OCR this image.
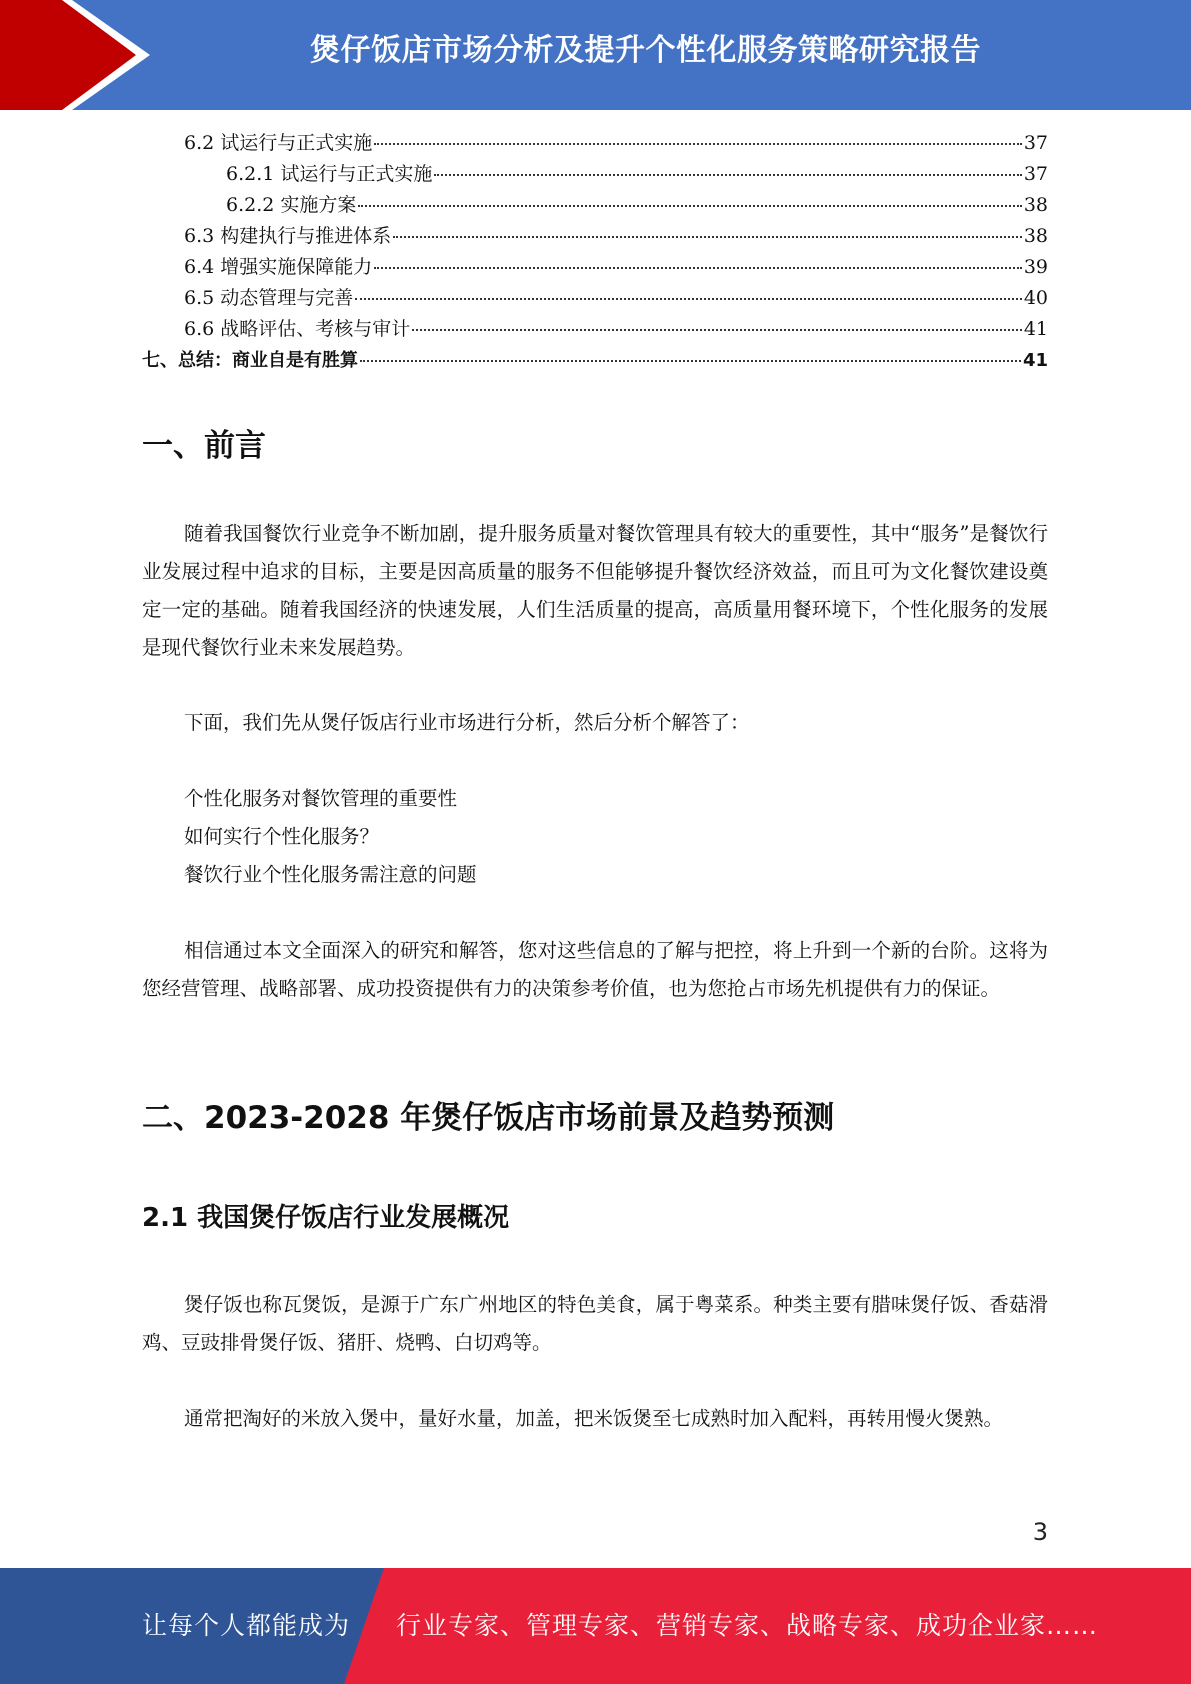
煲仔饭店市场分析及提升个性化服务策略研究报告
6.2 试运行与正式实施	37
6.2.1 试运行与正式实施	37
6.2.2 实施方案	38
6.3 构建执行与推进体系	38
6.4 增强实施保障能力	39
6.5 动态管理与完善	40
6.6 战略评估、考核与审计	41
七、总结：商业自是有胜算	41
一、前言
随着我国餐饮行业竞争不断加剧，提升服务质量对餐饮管理具有较大的重要性，其中“服务”是餐饮行业发展过程中追求的目标，主要是因高质量的服务不但能够提升餐饮经济效益，而且可为文化餐饮建设奠定一定的基础。随着我国经济的快速发展，人们生活质量的提高，高质量用餐环境下，个性化服务的发展是现代餐饮行业未来发展趋势。
下面，我们先从煲仔饭店行业市场进行分析，然后分析个解答了：
个性化服务对餐饮管理的重要性
如何实行个性化服务？
餐饮行业个性化服务需注意的问题
相信通过本文全面深入的研究和解答，您对这些信息的了解与把控，将上升到一个新的台阶。这将为您经营管理、战略部署、成功投资提供有力的决策参考价值，也为您抢占市场先机提供有力的保证。
二、2023-2028 年煲仔饭店市场前景及趋势预测
2.1 我国煲仔饭店行业发展概况
煲仔饭也称瓦煲饭，是源于广东广州地区的特色美食，属于粤菜系。种类主要有腊味煲仔饭、香菇滑鸡、豆豉排骨煲仔饭、猪肝、烧鸭、白切鸡等。
通常把淘好的米放入煲中，量好水量，加盖，把米饭煲至七成熟时加入配料，再转用慢火煲熟。
3
让每个人都能成为 行业专家、管理专家、营销专家、战略专家、成功企业家……
